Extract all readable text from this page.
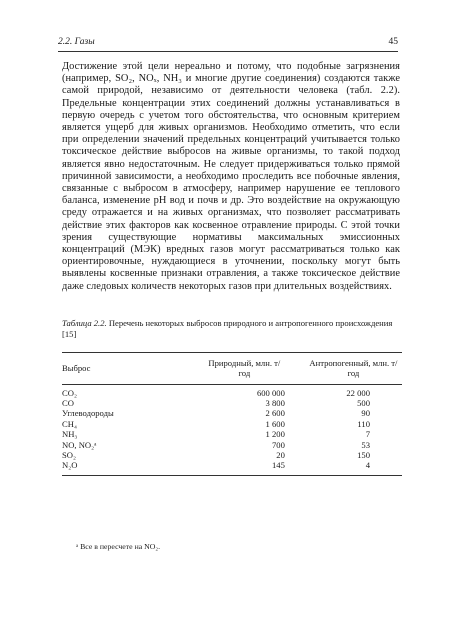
2.2. Газы	45

Достижение этой цели нереально и потому, что подобные загрязнения (например, SO₂, NOₓ, NH₃ и многие другие соединения) создаются также самой природой, независимо от деятельности человека (табл. 2.2). Предельные концентрации этих соединений должны устанавливаться в первую очередь с учетом того обстоятельства, что основным критерием является ущерб для живых организмов. Необходимо отметить, что если при определении значений предельных концентраций учитывается только токсическое действие выбросов на живые организмы, то такой подход является явно недостаточным. Не следует придерживаться только прямой причинной зависимости, а необходимо проследить все побочные явления, связанные с выбросом в атмосферу, например нарушение ее теплового баланса, изменение pH вод и почв и др. Это воздействие на окружающую среду отражается и на живых организмах, что позволяет рассматривать действие этих факторов как косвенное отравление природы. С этой точки зрения существующие нормативы максимальных эмиссионных концентраций (МЭК) вредных газов могут рассматриваться только как ориентировочные, нуждающиеся в уточнении, поскольку могут быть выявлены косвенные признаки отравления, а также токсическое действие даже следовых количеств некоторых газов при длительных воздействиях.

Таблица 2.2. Перечень некоторых выбросов природного и антропогенного происхождения [15]

Выброс	Природный, млн. т/год	Антропогенный, млн. т/год
CO₂	600 000	22 000
CO	3 800	500
Углеводороды	2 600	90
CH₄	1 600	110
NH₃	1 200	7
NO, NO₂ᵃ	700	53
SO₂	20	150
N₂O	145	4
ᵃ Все в пересчете на NO₂.
